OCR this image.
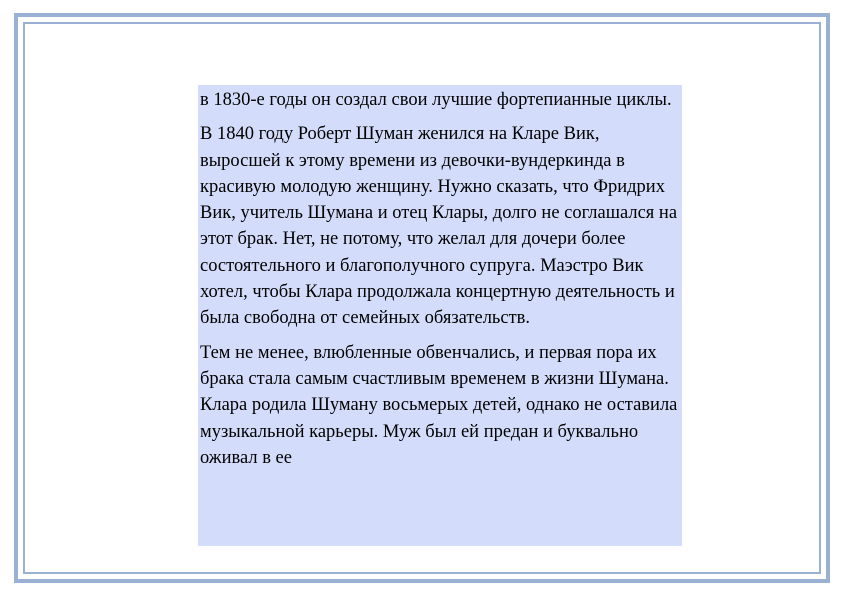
в 1830-е годы он создал свои лучшие фортепианные циклы.

В 1840 году Роберт Шуман женился на Кларе Вик, выросшей к этому времени из девочки-вундеркинда в красивую молодую женщину. Нужно сказать, что Фридрих Вик, учитель Шумана и отец Клары, долго не соглашался на этот брак. Нет, не потому, что желал для дочери более состоятельного и благополучного супруга. Маэстро Вик хотел, чтобы Клара продолжала концертную деятельность и была свободна от семейных обязательств.

Тем не менее, влюбленные обвенчались, и первая пора их брака стала самым счастливым временем в жизни Шумана. Клара родила Шуману восьмерых детей, однако не оставила музыкальной карьеры. Муж был ей предан и буквально оживал в ее
